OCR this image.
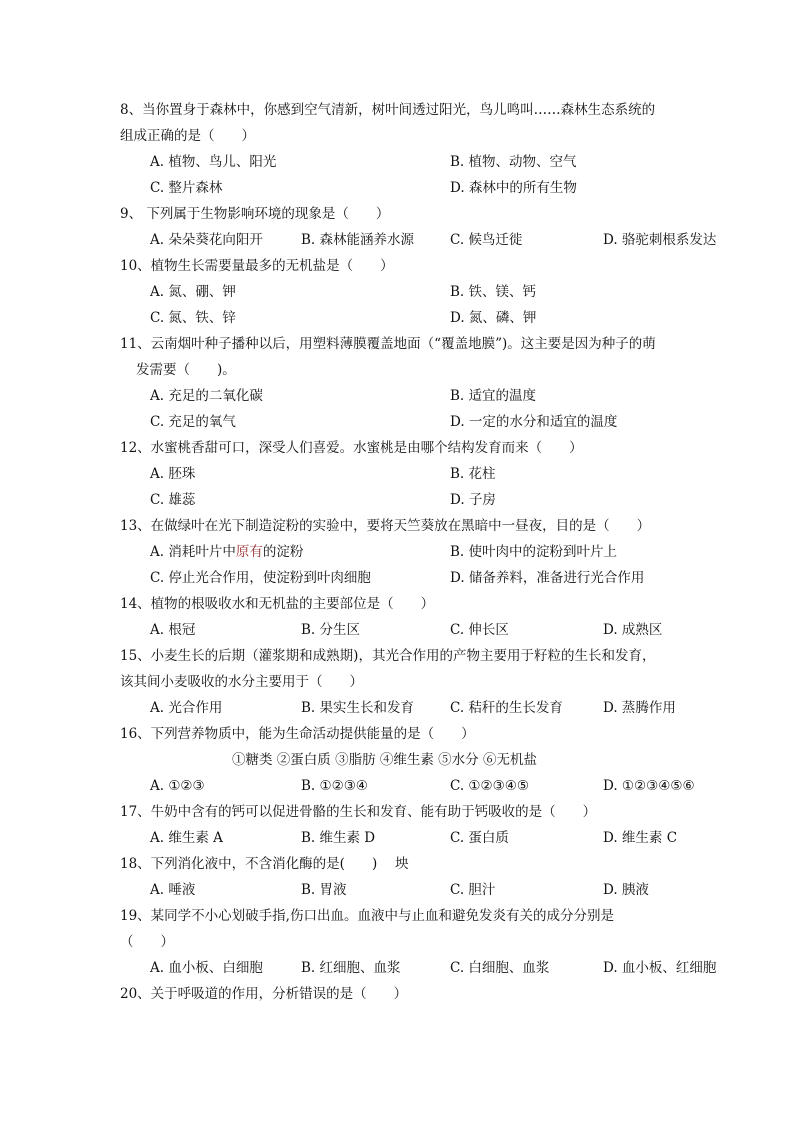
8、当你置身于森林中，你感到空气清新，树叶间透过阳光，鸟儿鸣叫……森林生态系统的
组成正确的是（　　）
A. 植物、鸟儿、阳光	B. 植物、动物、空气
C. 整片森林	D. 森林中的所有生物
9、 下列属于生物影响环境的现象是（　　）
A. 朵朵葵花向阳开	B. 森林能涵养水源	C. 候鸟迁徙	D. 骆驼刺根系发达
10、植物生长需要量最多的无机盐是（　　）
A. 氮、硼、钾	B. 铁、镁、钙
C. 氮、铁、锌	D. 氮、磷、钾
11、云南烟叶种子播种以后，用塑料薄膜覆盖地面（“覆盖地膜”)。这主要是因为种子的萌
发需要（　　)。
A. 充足的二氧化碳	B. 适宜的温度
C. 充足的氧气	D. 一定的水分和适宜的温度
12、水蜜桃香甜可口，深受人们喜爱。水蜜桃是由哪个结构发育而来（　　）
A. 胚珠	B. 花柱
C. 雄蕊	D. 子房
13、在做绿叶在光下制造淀粉的实验中，要将天竺葵放在黑暗中一昼夜，目的是（　　）
A. 消耗叶片中原有的淀粉	B. 使叶肉中的淀粉到叶片上
C. 停止光合作用，使淀粉到叶肉细胞	D. 储备养料，准备进行光合作用
14、植物的根吸收水和无机盐的主要部位是（　　）
A. 根冠	B. 分生区	C. 伸长区	D. 成熟区
15、小麦生长的后期（灌浆期和成熟期)，其光合作用的产物主要用于籽粒的生长和发育，
该其间小麦吸收的水分主要用于（　　）
A. 光合作用	B. 果实生长和发育	C. 秸秆的生长发育	D. 蒸腾作用
16、下列营养物质中，能为生命活动提供能量的是（　　）
①糖类 ②蛋白质 ③脂肪 ④维生素 ⑤水分 ⑥无机盐
A. ①②③	B. ①②③④	C. ①②③④⑤	D. ①②③④⑤⑥
17、牛奶中含有的钙可以促进骨骼的生长和发育、能有助于钙吸收的是（　　）
A. 维生素 A	B. 维生素 D	C. 蛋白质	D. 维生素 C
18、下列消化液中，不含消化酶的是(　　)　 坱
A. 唾液	B. 胃液	C. 胆汁	D. 胰液
19、某同学不小心划破手指,伤口出血。血液中与止血和避免发炎有关的成分分别是
（　　）
A. 血小板、白细胞	B. 红细胞、血浆	C. 白细胞、血浆	D. 血小板、红细胞
20、关于呼吸道的作用，分析错误的是（　　）
